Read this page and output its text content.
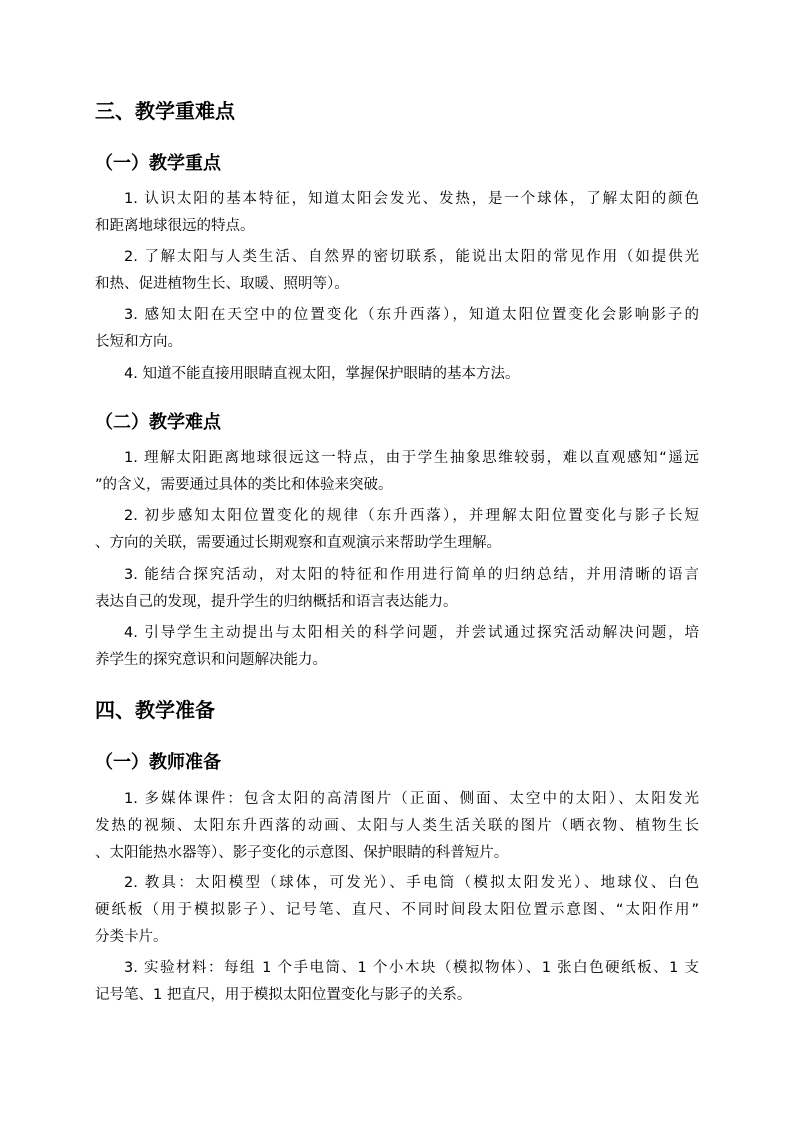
三、教学重难点
（一）教学重点
1. 认识太阳的基本特征，知道太阳会发光、发热，是一个球体，了解太阳的颜色
和距离地球很远的特点。
2. 了解太阳与人类生活、自然界的密切联系，能说出太阳的常见作用（如提供光
和热、促进植物生长、取暖、照明等）。
3. 感知太阳在天空中的位置变化（东升西落），知道太阳位置变化会影响影子的
长短和方向。
4. 知道不能直接用眼睛直视太阳，掌握保护眼睛的基本方法。
（二）教学难点
1. 理解太阳距离地球很远这一特点，由于学生抽象思维较弱，难以直观感知“遥远
”的含义，需要通过具体的类比和体验来突破。
2. 初步感知太阳位置变化的规律（东升西落），并理解太阳位置变化与影子长短
、方向的关联，需要通过长期观察和直观演示来帮助学生理解。
3. 能结合探究活动，对太阳的特征和作用进行简单的归纳总结，并用清晰的语言
表达自己的发现，提升学生的归纳概括和语言表达能力。
4. 引导学生主动提出与太阳相关的科学问题，并尝试通过探究活动解决问题，培
养学生的探究意识和问题解决能力。
四、教学准备
（一）教师准备
1. 多媒体课件：包含太阳的高清图片（正面、侧面、太空中的太阳）、太阳发光
发热的视频、太阳东升西落的动画、太阳与人类生活关联的图片（晒衣物、植物生长
、太阳能热水器等）、影子变化的示意图、保护眼睛的科普短片。
2. 教具：太阳模型（球体，可发光）、手电筒（模拟太阳发光）、地球仪、白色
硬纸板（用于模拟影子）、记号笔、直尺、不同时间段太阳位置示意图、“太阳作用”
分类卡片。
3. 实验材料：每组 1 个手电筒、1 个小木块（模拟物体）、1 张白色硬纸板、1 支
记号笔、1 把直尺，用于模拟太阳位置变化与影子的关系。
